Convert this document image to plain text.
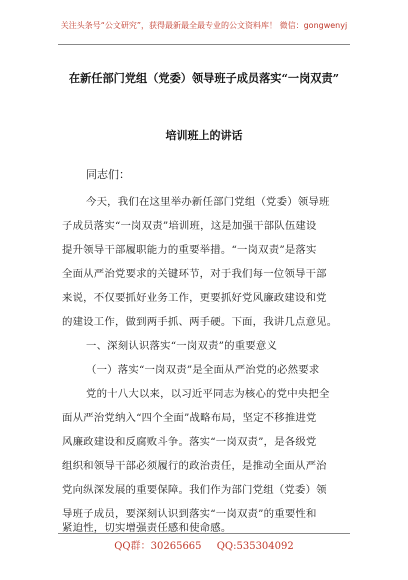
关注头条号“公文研究”，获得最新最全最专业的公文资料库！ 微信：gongwenyj
在新任部门党组（党委）领导班子成员落实“一岗双责”
培训班上的讲话
同志们：
今天，我们在这里举办新任部门党组（党委）领导班
子成员落实“一岗双责”培训班，这是加强干部队伍建设
提升领导干部履职能力的重要举措。“一岗双责”是落实
全面从严治党要求的关键环节，对于我们每一位领导干部
来说，不仅要抓好业务工作，更要抓好党风廉政建设和党
的建设工作，做到两手抓、两手硬。下面，我讲几点意见。
一、深刻认识落实“一岗双责”的重要意义
（一）落实“一岗双责”是全面从严治党的必然要求
党的十八大以来，以习近平同志为核心的党中央把全
面从严治党纳入“四个全面”战略布局，坚定不移推进党
风廉政建设和反腐败斗争。落实“一岗双责”，是各级党
组织和领导干部必须履行的政治责任，是推动全面从严治
党向纵深发展的重要保障。我们作为部门党组（党委）领
导班子成员，要深刻认识到落实“一岗双责”的重要性和
QQ群：30265665 QQ:535304092
紧迫性，切实增强责任感和使命感。
